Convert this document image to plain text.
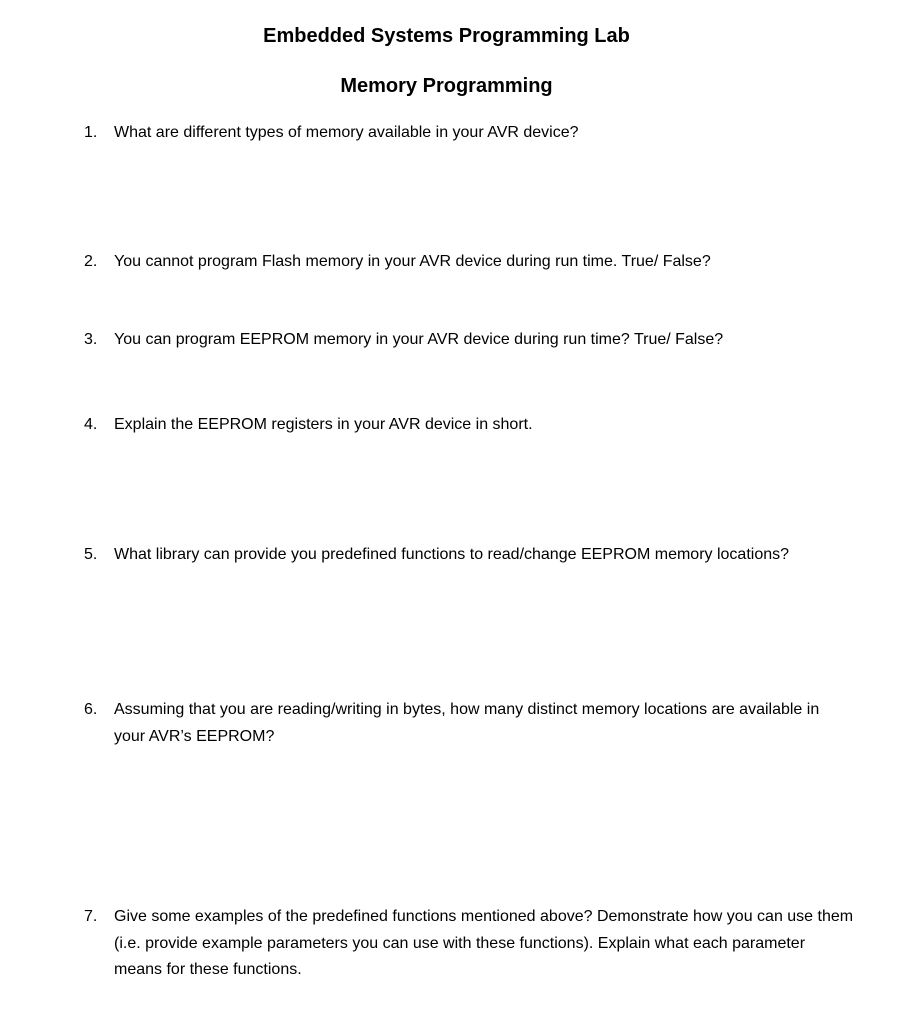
Embedded Systems Programming Lab
Memory Programming
1.	What are different types of memory available in your AVR device?
2.	You cannot program Flash memory in your AVR device during run time. True/ False?
3.	You can program EEPROM memory in your AVR device during run time? True/ False?
4.	Explain the EEPROM registers in your AVR device in short.
5.	What library can provide you predefined functions to read/change EEPROM memory locations?
6.	Assuming that you are reading/writing in bytes, how many distinct memory locations are available in your AVR’s EEPROM?
7.	Give some examples of the predefined functions mentioned above? Demonstrate how you can use them (i.e. provide example parameters you can use with these functions). Explain what each parameter means for these functions.
